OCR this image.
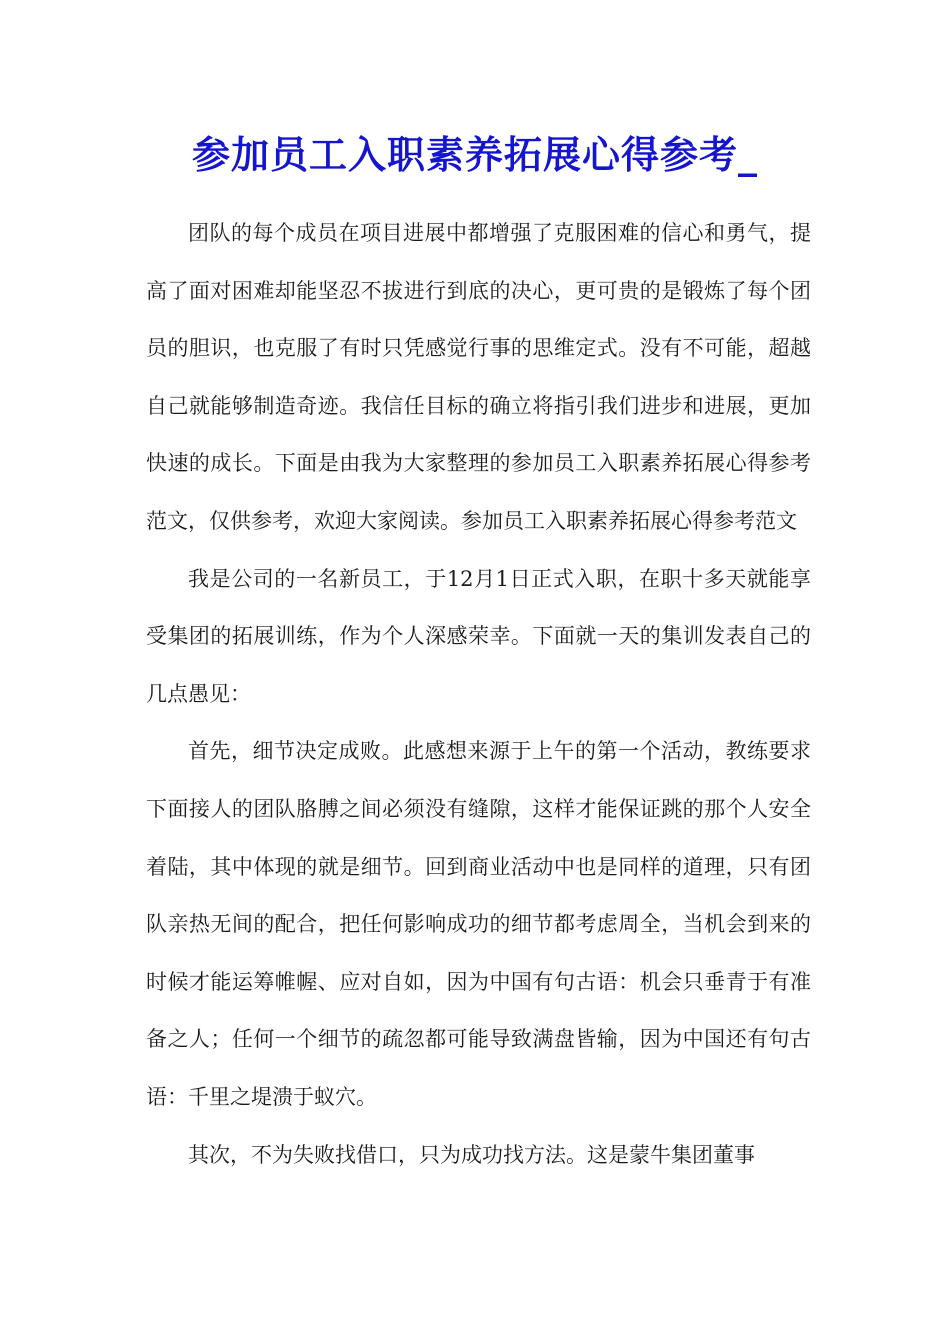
参加员工入职素养拓展心得参考_

团队的每个成员在项目进展中都增强了克服困难的信心和勇气，提高了面对困难却能坚忍不拔进行到底的决心，更可贵的是锻炼了每个团员的胆识，也克服了有时只凭感觉行事的思维定式。没有不可能，超越自己就能够制造奇迹。我信任目标的确立将指引我们进步和进展，更加快速的成长。下面是由我为大家整理的参加员工入职素养拓展心得参考范文，仅供参考，欢迎大家阅读。参加员工入职素养拓展心得参考范文

我是公司的一名新员工，于12月1日正式入职，在职十多天就能享受集团的拓展训练，作为个人深感荣幸。下面就一天的集训发表自己的几点愚见：

首先，细节决定成败。此感想来源于上午的第一个活动，教练要求下面接人的团队胳膊之间必须没有缝隙，这样才能保证跳的那个人安全着陆，其中体现的就是细节。回到商业活动中也是同样的道理，只有团队亲热无间的配合，把任何影响成功的细节都考虑周全，当机会到来的时候才能运筹帷幄、应对自如，因为中国有句古语：机会只垂青于有准备之人；任何一个细节的疏忽都可能导致满盘皆输，因为中国还有句古语：千里之堤溃于蚁穴。

其次，不为失败找借口，只为成功找方法。这是蒙牛集团董事
